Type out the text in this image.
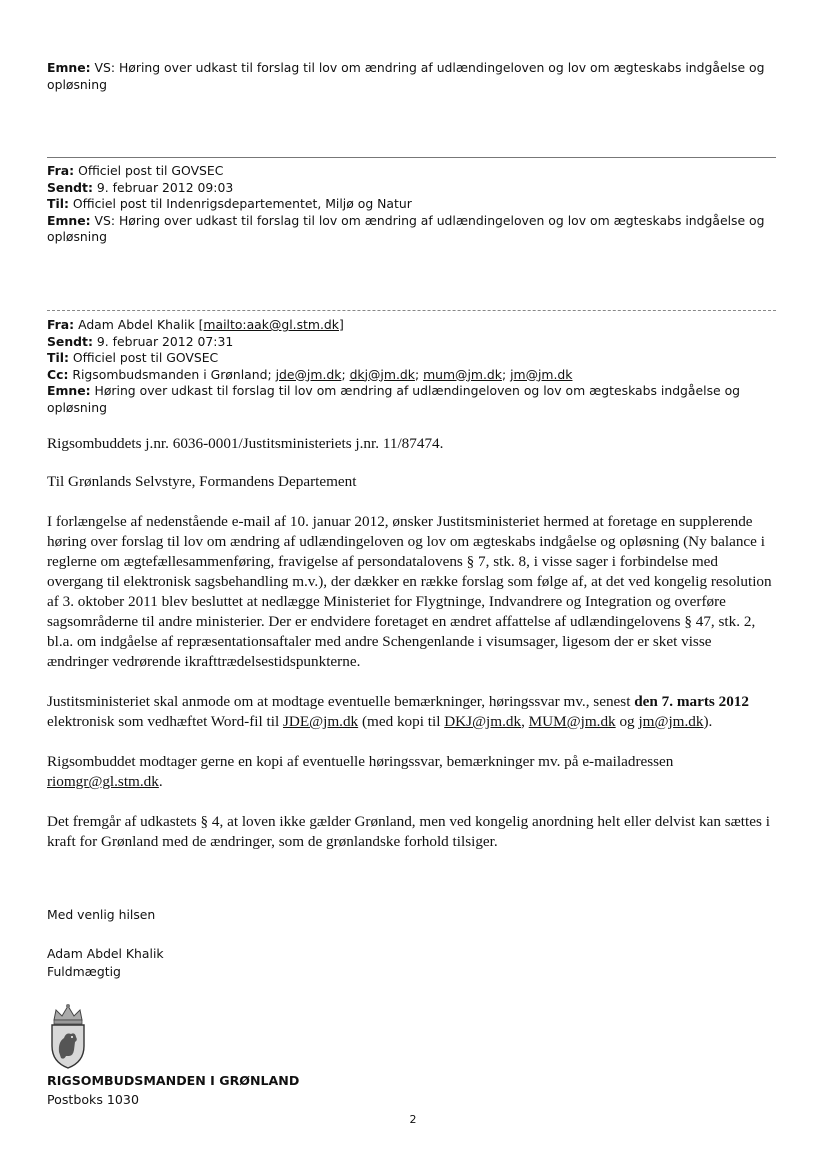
Emne: VS: Høring over udkast til forslag til lov om ændring af udlændingeloven og lov om ægteskabs indgåelse og opløsning

Fra: Officiel post til GOVSEC

Sendt: 9. februar 2012 09:03

Til: Officiel post til Indenrigsdepartementet, Miljø og Natur

Emne: VS: Høring over udkast til forslag til lov om ændring af udlændingeloven og lov om ægteskabs indgåelse og opløsning

Fra: Adam Abdel Khalik [mailto:aak@gl.stm.dk]

Sendt: 9. februar 2012 07:31

Til: Officiel post til GOVSEC

Cc: Rigsombudsmanden i Grønland; jde@jm.dk; dkj@jm.dk; mum@jm.dk; jm@jm.dk

Emne: Høring over udkast til forslag til lov om ændring af udlændingeloven og lov om ægteskabs indgåelse og opløsning

Rigsombuddets j.nr. 6036-0001/Justitsministeriets j.nr. 11/87474.

Til Grønlands Selvstyre, Formandens Departement

I forlængelse af nedenstående e-mail af 10. januar 2012, ønsker Justitsministeriet hermed at foretage en supplerende høring over forslag til lov om ændring af udlændingeloven og lov om ægteskabs indgåelse og opløsning (Ny balance i reglerne om ægtefællesammenføring, fravigelse af persondatalovens § 7, stk. 8, i visse sager i forbindelse med overgang til elektronisk sagsbehandling m.v.), der dækker en række forslag som følge af, at det ved kongelig resolution af 3. oktober 2011 blev besluttet at nedlægge Ministeriet for Flygtninge, Indvandrere og Integration og overføre sagsområderne til andre ministerier. Der er endvidere foretaget en ændret affattelse af udlændingelovens § 47, stk. 2, bl.a. om indgåelse af repræsentationsaftaler med andre Schengenlande i visumsager, ligesom der er sket visse ændringer vedrørende ikrafttrædelsestidspunkterne.

Justitsministeriet skal anmode om at modtage eventuelle bemærkninger, høringssvar mv., senest den 7. marts 2012 elektronisk som vedhæftet Word-fil til JDE@jm.dk (med kopi til DKJ@jm.dk, MUM@jm.dk og jm@jm.dk).

Rigsombuddet modtager gerne en kopi af eventuelle høringssvar, bemærkninger mv. på e-mailadressen riomgr@gl.stm.dk.

Det fremgår af udkastets § 4, at loven ikke gælder Grønland, men ved kongelig anordning helt eller delvist kan sættes i kraft for Grønland med de ændringer, som de grønlandske forhold tilsiger.

Med venlig hilsen
Adam Abdel Khalik
Fuldmægtig
RIGSOMBUDSMANDEN I GRØNLAND
Postboks 1030
2
